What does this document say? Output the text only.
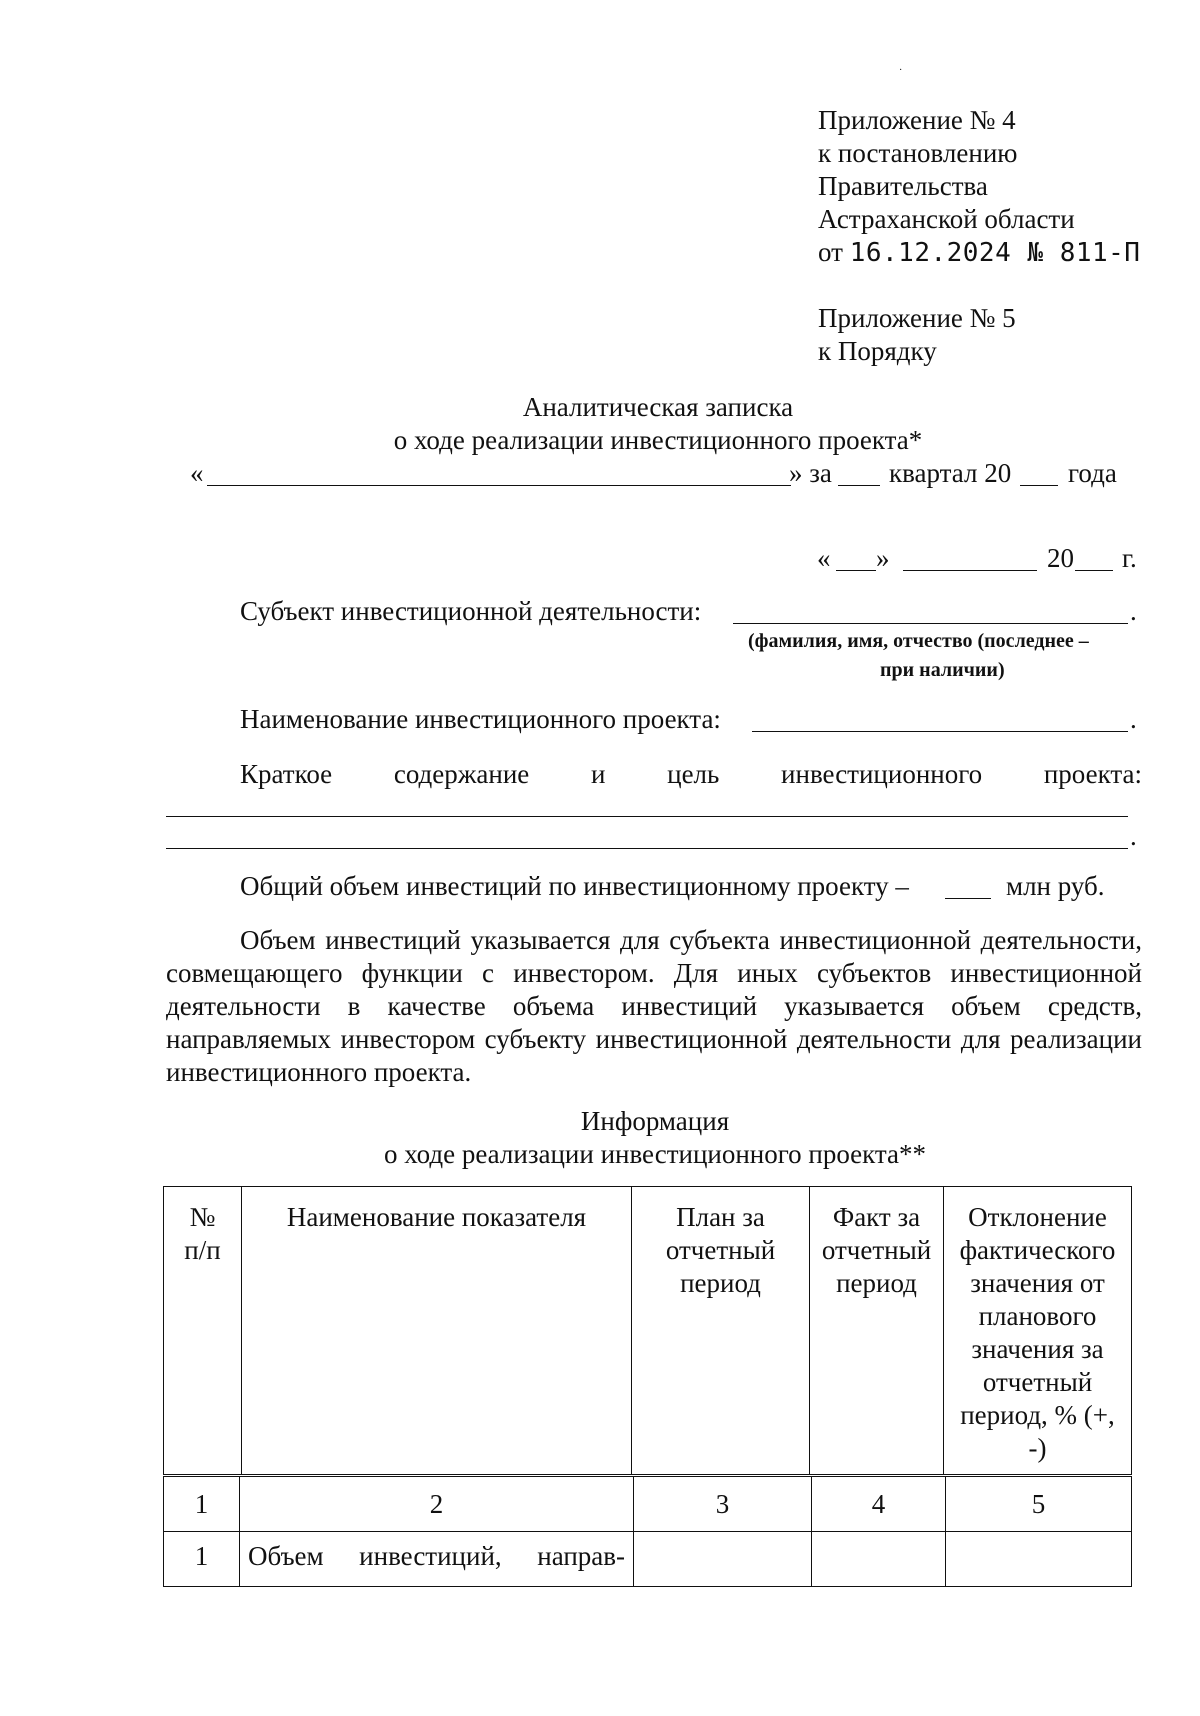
·
Приложение № 4
к постановлению
Правительства
Астраханской области
от 16.12.2024 № 811-П
Приложение № 5
к Порядку
Аналитическая записка
о ходе реализации инвестиционного проекта*
«	» за квартал 20 года
« »	20 г.
Субъект инвестиционной деятельности:	.
(фамилия, имя, отчество (последнее –
при наличии)
Наименование инвестиционного проекта:	.
Краткое содержание и цель инвестиционного проекта:
.
Общий объем инвестиций по инвестиционному проекту –	млн руб.
Объем инвестиций указывается для субъекта инвестиционной деятельности, совмещающего функции с инвестором. Для иных субъектов инвестиционной деятельности в качестве объема инвестиций указывается объем средств, направляемых инвестором субъекту инвестиционной деятельности для реализации инвестиционного проекта.
Информация
о ходе реализации инвестиционного проекта**
№ п/п	Наименование показателя	План за отчетный период	Факт за отчетный период	Отклонение фактического значения от планового значения за отчетный период, % (+, -)
1	2	3	4	5
1	Объем инвестиций, направ-			
